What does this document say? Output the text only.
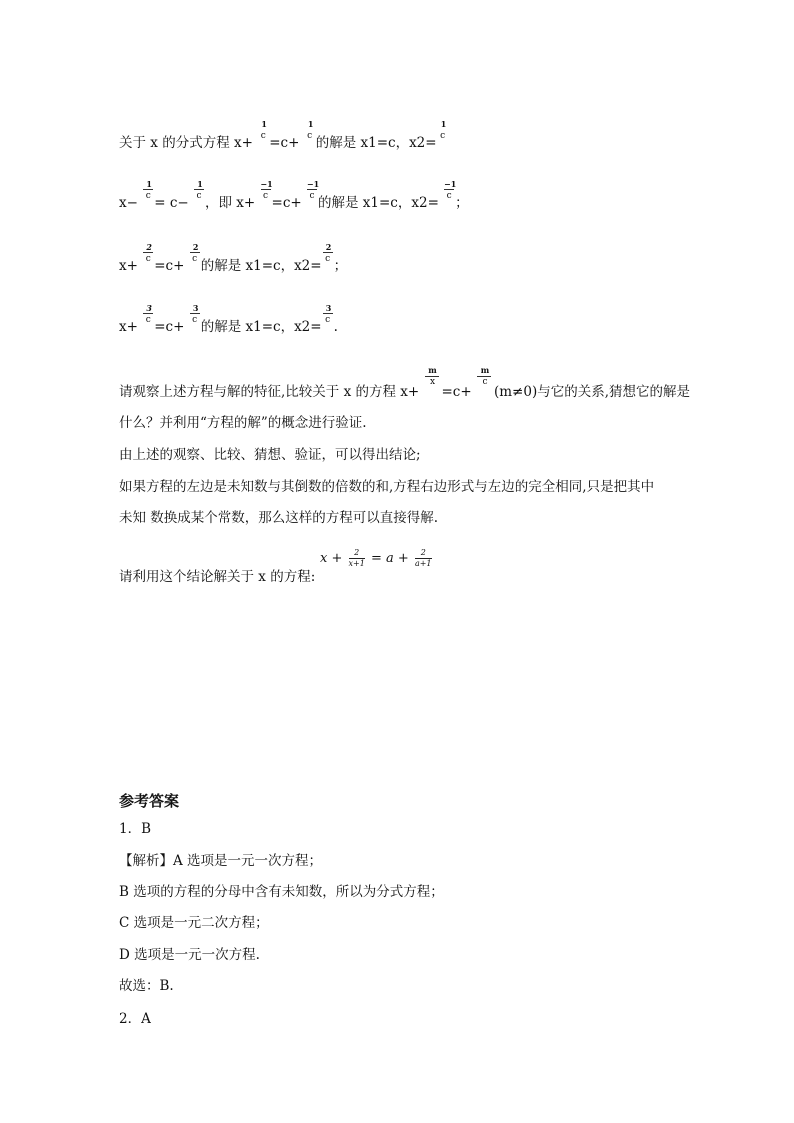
关于 x 的分式方程 x+
1
c =c+
1
c 的解是 x1=c，x2=
1
c
$x- \frac{1}{c} = c- \frac{1}{c}$ ，即 $x+ \frac{-1}{c} =c+ \frac{-1}{c}$ 的解是 x1=c，$x2= \frac{-1}{c}$ ；
$x+ \frac{2}{c} =c+ \frac{2}{c}$ 的解是 x1=c，$x2= \frac{2}{c}$ ；
$x+ \frac{3}{c} =c+ \frac{3}{c}$ 的解是 x1=c，$x2= \frac{3}{c}$ .
请观察上述方程与解的特征,比较关于 x 的方程 $x+ \frac{m}{x} =c+ \frac{m}{c} (m\ne 0)$与它的关系,猜想它的解是
什么？并利用“方程的解”的概念进行验证.
由上述的观察、比较、猜想、验证，可以得出结论;
如果方程的左边是未知数与其倒数的倍数的和,方程右边形式与左边的完全相同,只是把其中
未知 数换成某个常数，那么这样的方程可以直接得解.
请利用这个结论解关于 x 的方程:
$x + \frac{2}{x+1} = a + \frac{2}{a+1}$
参考答案
1．B
【解析】A 选项是一元一次方程；
B 选项的方程的分母中含有未知数，所以为分式方程；
C 选项是一元二次方程；
D 选项是一元一次方程.
故选：B.
2．A
